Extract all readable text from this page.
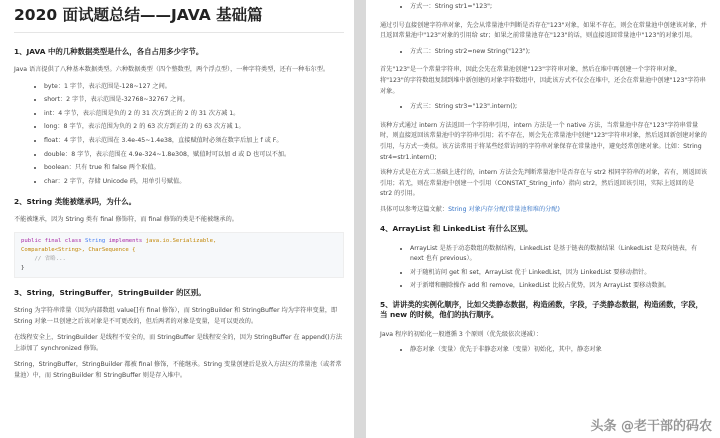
2020 面试题总结——JAVA 基础篇
1、JAVA 中的几种数据类型是什么，各自占用多少字节。

Java 语言提供了八种基本数据类型。六种数据类型（四个整数型，两个浮点型），一种字符类型，还有一种布尔型。

• byte：1 字节，表示范围是-128~127 之间。
• short：2 字节，表示范围是-32768~32767 之间。
• int：4 字节，表示范围是负的 2 的 31 次方到正的 2 的 31 次方减 1。
• long：8 字节，表示范围为负的 2 的 63 次方到正的 2 的 63 次方减 1。
• float：4 字节，表示范围在 3.4e-45~1.4e38，直接赋值时必须在数字后加上 f 或 F。
• double：8 字节，表示范围在 4.9e-324~1.8e308，赋值时可以加 d 或 D 也可以不加。
• boolean：只有 true 和 false 两个取值。
• char：2 字节，存储 Unicode 码，用单引号赋值。
2、String 类能被继承吗，为什么。

不能被继承，因为 String 类有 final 修饰符，而 final 修饰的类是不能被继承的。

public final class String implements java.io.Serializable,
Comparable<String>, CharSequence {
// 省略...
}
3、String，StringBuffer，StringBuilder 的区别。

String 为字符串常量（因为内部数组 value[]有 final 修饰），而 StringBuilder 和 StringBuffer 均为字符串变量，即 String 对象一旦创建之后该对象是不可更改的，但后两者的对象是变量，是可以更改的。

在线程安全上，StringBuilder 是线程不安全的，而 StringBuffer 是线程安全的，因为 StringBuffer 在 append()方法上添加了 synchronized 修饰。

String，StringBuffer，StringBuilder 都被 final 修饰，不能继承。String 变量创建后是放入方法区的常量池（或者常量池）中，而 StringBuilder 和 StringBuffer 则是存入堆中。

• 方式一：String str1="123";

通过引号直接创建字符串对象，先会从常量池中判断是否存在"123"对象，如果不存在，则会在常量池中创建该对象，并且返回常量池中"123"对象的引用给 str；如果之前常量池存在"123"的话，则直接返回常量池中"123"的对象引用。

• 方式二：String str2=new String("123");

首先"123"是一个常量字符串，因此会先在常量池创建"123"字符串对象，然后在堆中再创建一个字符串对象，将"123"的字符数组复制到堆中新创建的对象字符数组中，因此该方式不仅会在堆中，还会在常量池中创建"123"字符串对象。

• 方式三：String str3="123".intern();

该种方式通过 intern 方法返回一个字符串引用，intern 方法是一个 native 方法，当常量池中存在"123"字符串常量时，则直接返回该常量池中的字符串引用；若不存在，则会先在常量池中创建"123"字符串对象，然后返回新创建对象的引用，与方式一类似。该方法常用于将某些经常访问的字符串对象保存在常量池中，避免经常创建对象。比如：String str4=str1.intern();

该种方式是在方式二基础上进行的，intern 方法会先判断常量池中是否存在与 str2 相同字符串的对象，若有，则返回该引用；若无，则在常量池中创建一个引用（CONSTAT_String_info）指向 str2，然后返回该引用，实际上返回的是 str2 的引用。

具体可以参考这篇文献：String 对象内存分配(常量池和堆的分配)

4、ArrayList 和 LinkedList 有什么区别。
• ArrayList 是基于动态数组的数据结构，LinkedList 是基于链表的数据结果（LinkedList 是双向链表，有 next 也有 previous）。
• 对于随机访问 get 和 set，ArrayList 优于 LinkedList，因为 LinkedList 要移动指针。
• 对于新增和删除操作 add 和 remove，LinkedList 比较占优势，因为 ArrayList 要移动数据。
5、讲讲类的实例化顺序，比如父类静态数据，构造函数，字段，子类静态数据，构造函数，字段，当 new 的时候，他们的执行顺序。

Java 程序的初始化一般遵循 3 个原则（优先级依次递减）：

• 静态对象（变量）优先于非静态对象（变量）初始化，其中，静态对象
头条 @老干部的码农
